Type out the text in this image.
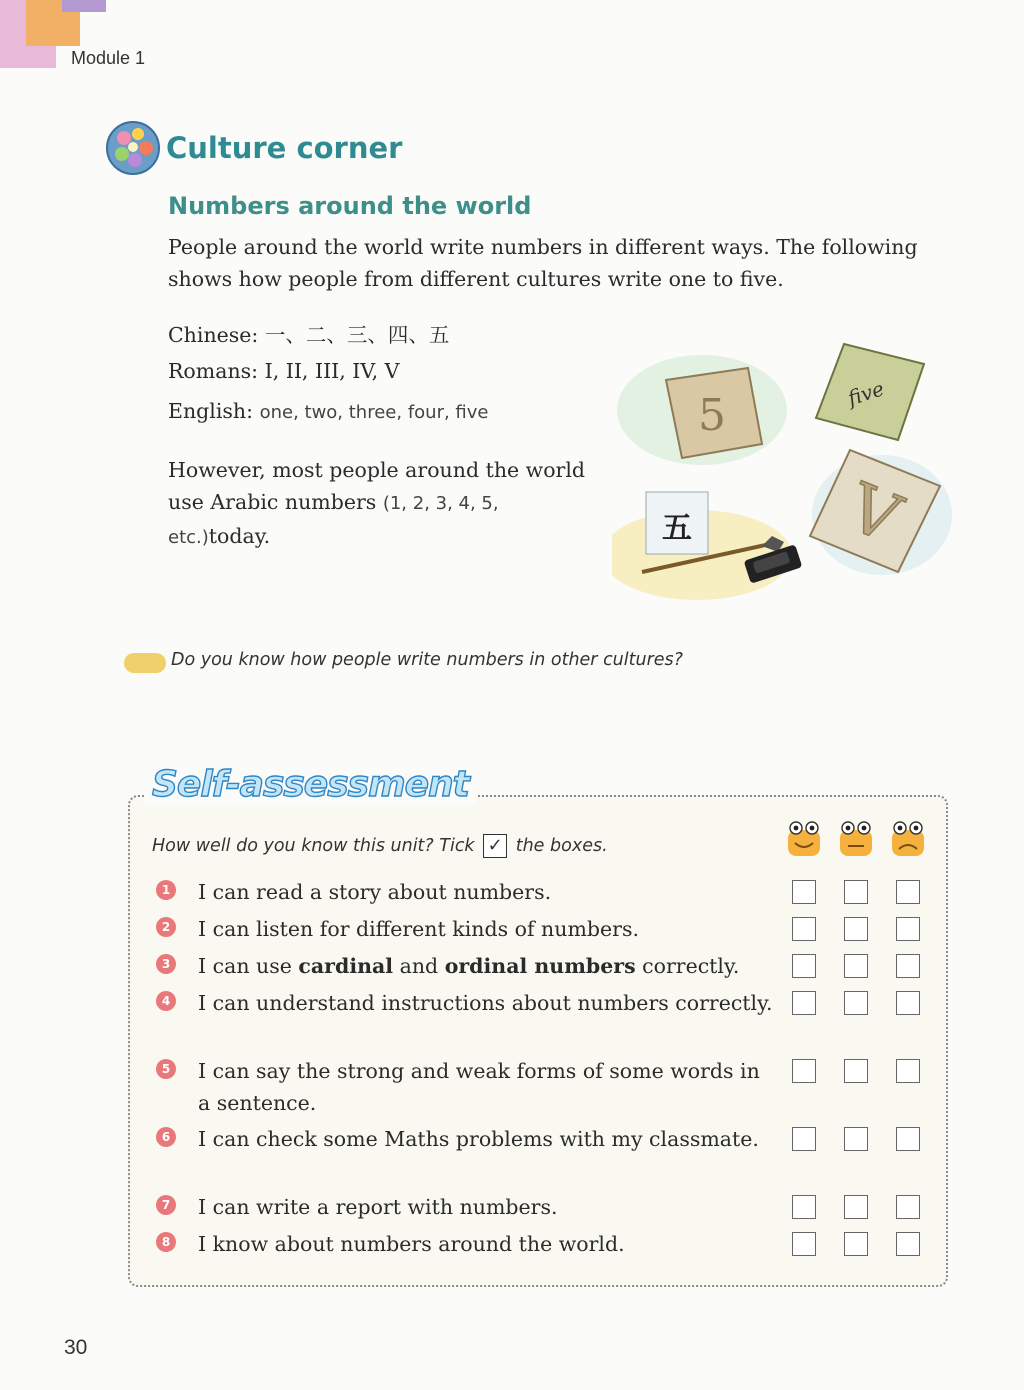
Module 1
Culture corner
Numbers around the world
People around the world write numbers in different ways. The following shows how people from different cultures write one to five.
Chinese: 一、二、三、四、五
Romans: I, II, III, IV, V
English: one, two, three, four, five
However, most people around the world use Arabic numbers (1, 2, 3, 4, 5, etc.)today.
5	five
五 V
Do you know how people write numbers in other cultures?
Self-assessment
How well do you know this unit? Tick ✓ the boxes.
1 I can read a story about numbers.
2 I can listen for different kinds of numbers.
3 I can use cardinal and ordinal numbers correctly.
4 I can understand instructions about numbers correctly.
5 I can say the strong and weak forms of some words in a sentence.
6 I can check some Maths problems with my classmate.
7 I can write a report with numbers.
8 I know about numbers around the world.
30
